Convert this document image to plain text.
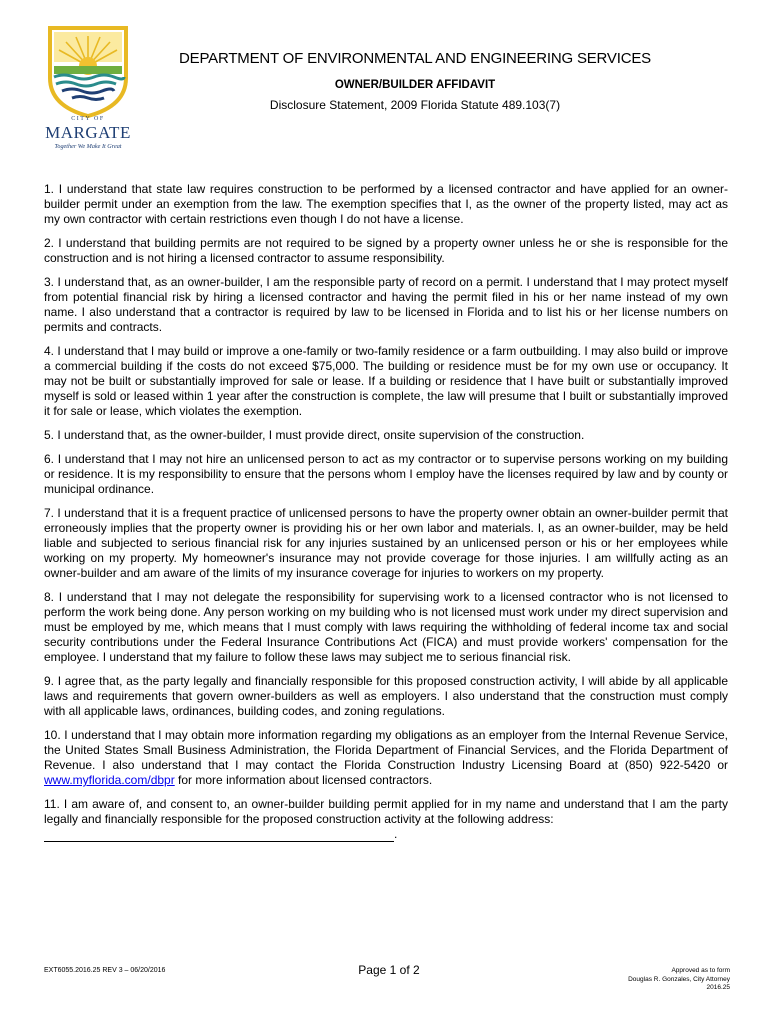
CITY OF
MARGATE
Together We Make It Great
DEPARTMENT OF ENVIRONMENTAL AND ENGINEERING SERVICES
OWNER/BUILDER AFFIDAVIT
Disclosure Statement, 2009 Florida Statute 489.103(7)

1. I understand that state law requires construction to be performed by a licensed contractor and have applied for an owner- builder permit under an exemption from the law. The exemption specifies that I, as the owner of the property listed, may act as my own contractor with certain restrictions even though I do not have a license.

2. I understand that building permits are not required to be signed by a property owner unless he or she is responsible for the construction and is not hiring a licensed contractor to assume responsibility.

3. I understand that, as an owner-builder, I am the responsible party of record on a permit. I understand that I may protect myself from potential financial risk by hiring a licensed contractor and having the permit filed in his or her name instead of my own name. I also understand that a contractor is required by law to be licensed in Florida and to list his or her license numbers on permits and contracts.

4. I understand that I may build or improve a one-family or two-family residence or a farm outbuilding. I may also build or improve a commercial building if the costs do not exceed $75,000. The building or residence must be for my own use or occupancy. It may not be built or substantially improved for sale or lease. If a building or residence that I have built or substantially improved myself is sold or leased within 1 year after the construction is complete, the law will presume that I built or substantially improved it for sale or lease, which violates the exemption.

5. I understand that, as the owner-builder, I must provide direct, onsite supervision of the construction.

6. I understand that I may not hire an unlicensed person to act as my contractor or to supervise persons working on my building or residence. It is my responsibility to ensure that the persons whom I employ have the licenses required by law and by county or municipal ordinance.

7. I understand that it is a frequent practice of unlicensed persons to have the property owner obtain an owner-builder permit that erroneously implies that the property owner is providing his or her own labor and materials. I, as an owner-builder, may be held liable and subjected to serious financial risk for any injuries sustained by an unlicensed person or his or her employees while working on my property. My homeowner's insurance may not provide coverage for those injuries. I am willfully acting as an owner-builder and am aware of the limits of my insurance coverage for injuries to workers on my property.

8. I understand that I may not delegate the responsibility for supervising work to a licensed contractor who is not licensed to perform the work being done. Any person working on my building who is not licensed must work under my direct supervision and must be employed by me, which means that I must comply with laws requiring the withholding of federal income tax and social security contributions under the Federal Insurance Contributions Act (FICA) and must provide workers' compensation for the employee. I understand that my failure to follow these laws may subject me to serious financial risk.

9. I agree that, as the party legally and financially responsible for this proposed construction activity, I will abide by all applicable laws and requirements that govern owner-builders as well as employers. I also understand that the construction must comply with all applicable laws, ordinances, building codes, and zoning regulations.

10. I understand that I may obtain more information regarding my obligations as an employer from the Internal Revenue Service, the United States Small Business Administration, the Florida Department of Financial Services, and the Florida Department of Revenue. I also understand that I may contact the Florida Construction Industry Licensing Board at (850) 922-5420 or www.myflorida.com/dbpr for more information about licensed contractors.

11. I am aware of, and consent to, an owner-builder building permit applied for in my name and understand that I am the party legally and financially responsible for the proposed construction activity at the following address:
.

EXT6055.2016.25 REV 3 – 06/20/2016	Page 1 of 2	Approved as to form
Douglas R. Gonzales, City Attorney
2016.25
